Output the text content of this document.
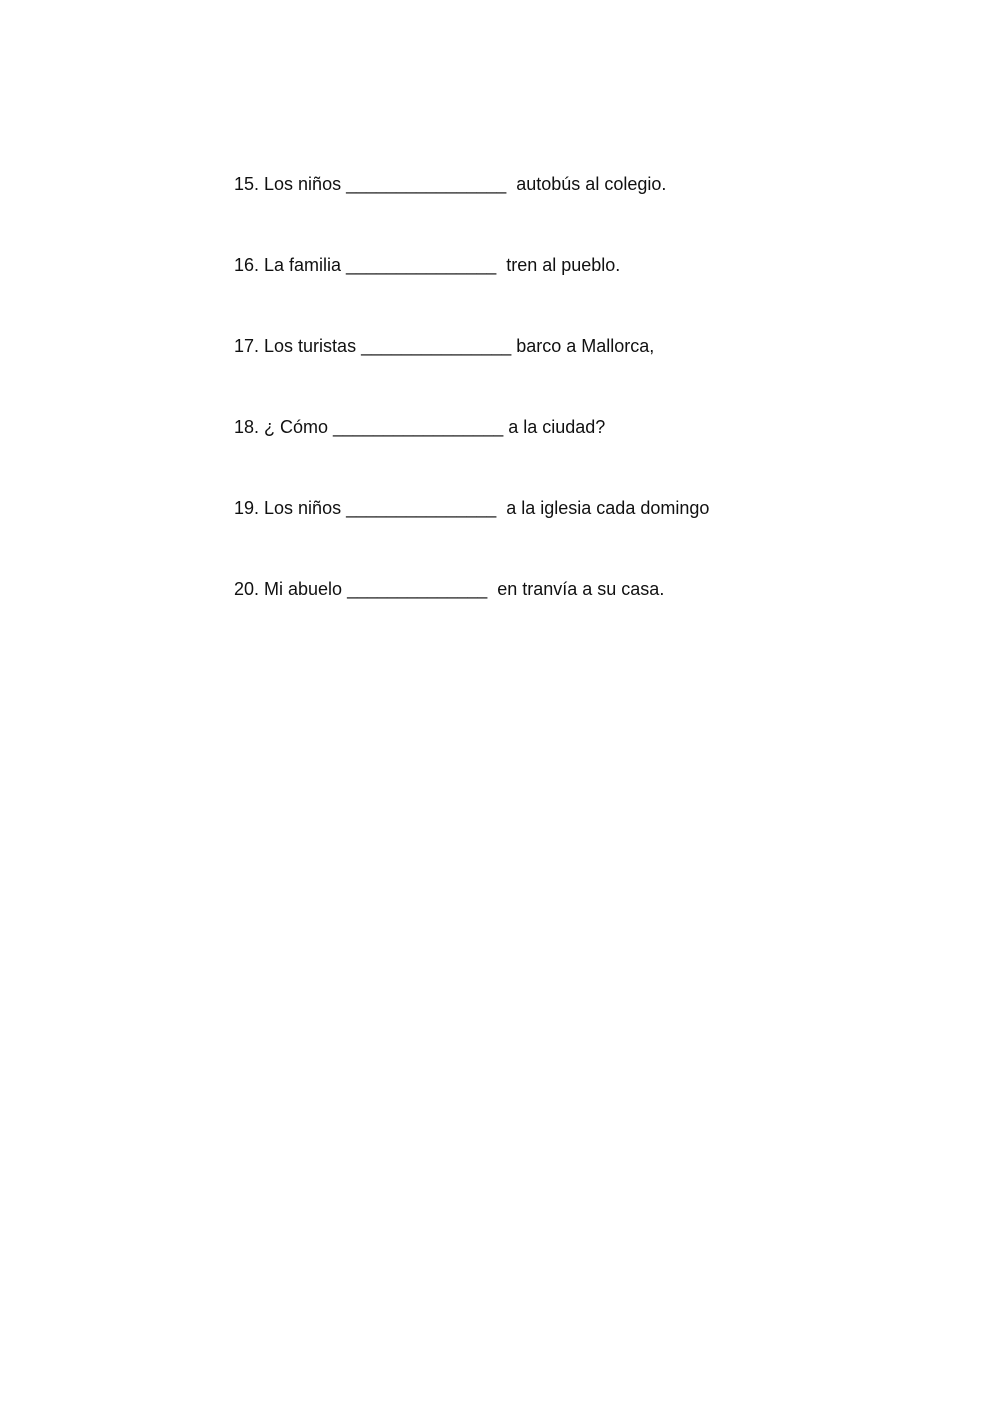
15. Los niños ________________  autobús al colegio.
16. La familia _______________  tren al pueblo.
17. Los turistas _______________ barco a Mallorca,
18. ¿ Cómo _________________ a la ciudad?
19. Los niños _______________  a la iglesia cada domingo
20. Mi abuelo ______________  en tranvía a su casa.
